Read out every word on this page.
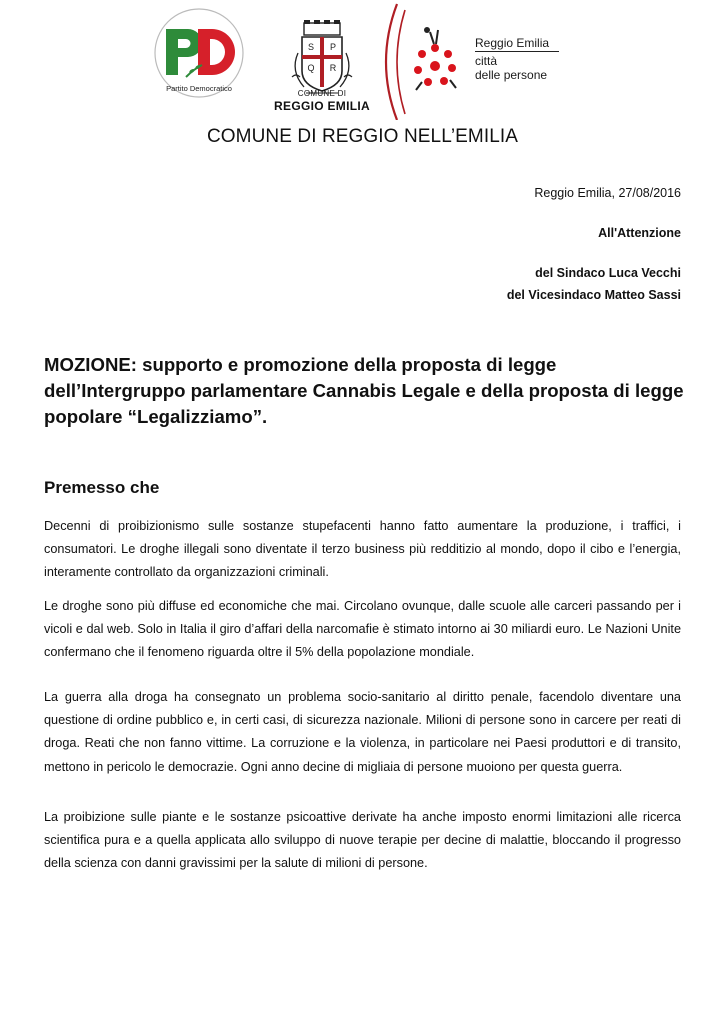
Partito Democratico
S P
Q R
COMUNE DI
REGGIO EMILIA
Reggio Emilia
città
delle persone
COMUNE DI REGGIO NELL’EMILIA
Reggio Emilia, 27/08/2016
All'Attenzione
del Sindaco Luca Vecchi
del Vicesindaco Matteo Sassi
MOZIONE: supporto e promozione della proposta di legge dell’Intergruppo parlamentare Cannabis Legale e della proposta di legge popolare “Legalizziamo”.
Premesso che
Decenni di proibizionismo sulle sostanze stupefacenti hanno fatto aumentare la produzione, i traffici, i consumatori. Le droghe illegali sono diventate il terzo business più redditizio al mondo, dopo il cibo e l’energia, interamente controllato da organizzazioni criminali.
Le droghe sono più diffuse ed economiche che mai. Circolano ovunque, dalle scuole alle carceri passando per i vicoli e dal web. Solo in Italia il giro d’affari della narcomafie è stimato intorno ai 30 miliardi euro. Le Nazioni Unite confermano che il fenomeno riguarda oltre il 5% della popolazione mondiale.
La guerra alla droga ha consegnato un problema socio-sanitario al diritto penale, facendolo diventare una questione di ordine pubblico e, in certi casi, di sicurezza nazionale. Milioni di persone sono in carcere per reati di droga. Reati che non fanno vittime. La corruzione e la violenza, in particolare nei Paesi produttori e di transito, mettono in pericolo le democrazie. Ogni anno decine di migliaia di persone muoiono per questa guerra.
La proibizione sulle piante e le sostanze psicoattive derivate ha anche imposto enormi limitazioni alle ricerca scientifica pura e a quella applicata allo sviluppo di nuove terapie per decine di malattie, bloccando il progresso della scienza con danni gravissimi per la salute di milioni di persone.
